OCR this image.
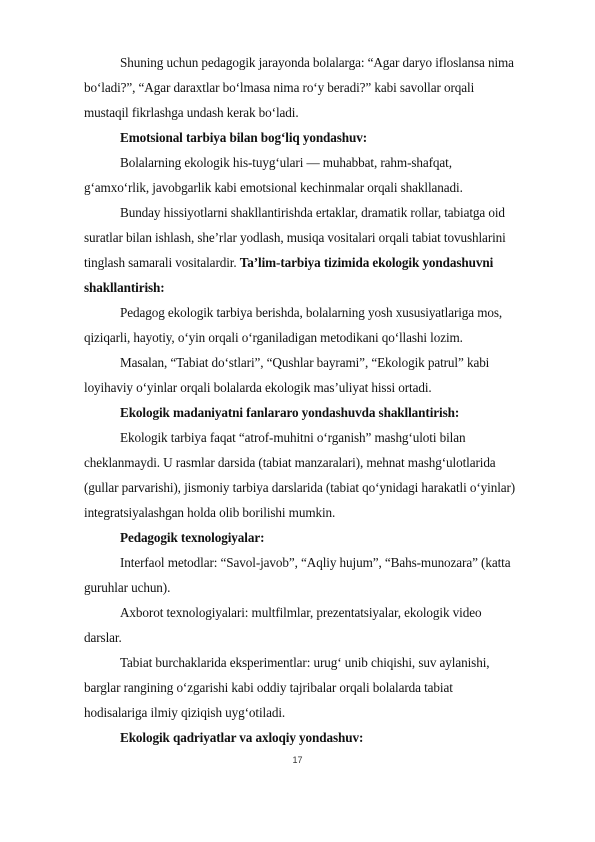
Shuning uchun pedagogik jarayonda bolalarga: “Agar daryo ifloslansa nima
bo‘ladi?”, “Agar daraxtlar bo‘lmasa nima ro‘y beradi?” kabi savollar orqali
mustaqil fikrlashga undash kerak bo‘ladi.
Emotsional tarbiya bilan bog‘liq yondashuv:
Bolalarning ekologik his-tuyg‘ulari — muhabbat, rahm-shafqat,
g‘amxo‘rlik, javobgarlik kabi emotsional kechinmalar orqali shakllanadi.
Bunday hissiyotlarni shakllantirishda ertaklar, dramatik rollar, tabiatga oid
suratlar bilan ishlash, she’rlar yodlash, musiqa vositalari orqali tabiat tovushlarini
tinglash samarali vositalardir. Ta’lim-tarbiya tizimida ekologik yondashuvni
shakllantirish:
Pedagog ekologik tarbiya berishda, bolalarning yosh xususiyatlariga mos,
qiziqarli, hayotiy, o‘yin orqali o‘rganiladigan metodikani qo‘llashi lozim.
Masalan, “Tabiat do‘stlari”, “Qushlar bayrami”, “Ekologik patrul” kabi
loyihaviy o‘yinlar orqali bolalarda ekologik mas’uliyat hissi ortadi.
Ekologik madaniyatni fanlararo yondashuvda shakllantirish:
Ekologik tarbiya faqat “atrof-muhitni o‘rganish” mashg‘uloti bilan
cheklanmaydi. U rasmlar darsida (tabiat manzaralari), mehnat mashg‘ulotlarida
(gullar parvarishi), jismoniy tarbiya darslarida (tabiat qo‘ynidagi harakatli o‘yinlar)
integratsiyalashgan holda olib borilishi mumkin.
Pedagogik texnologiyalar:
Interfaol metodlar: “Savol-javob”, “Aqliy hujum”, “Bahs-munozara” (katta
guruhlar uchun).
Axborot texnologiyalari: multfilmlar, prezentatsiyalar, ekologik video
darslar.
Tabiat burchaklarida eksperimentlar: urug‘ unib chiqishi, suv aylanishi,
barglar rangining o‘zgarishi kabi oddiy tajribalar orqali bolalarda tabiat
hodisalariga ilmiy qiziqish uyg‘otiladi.
Ekologik qadriyatlar va axloqiy yondashuv:
17
